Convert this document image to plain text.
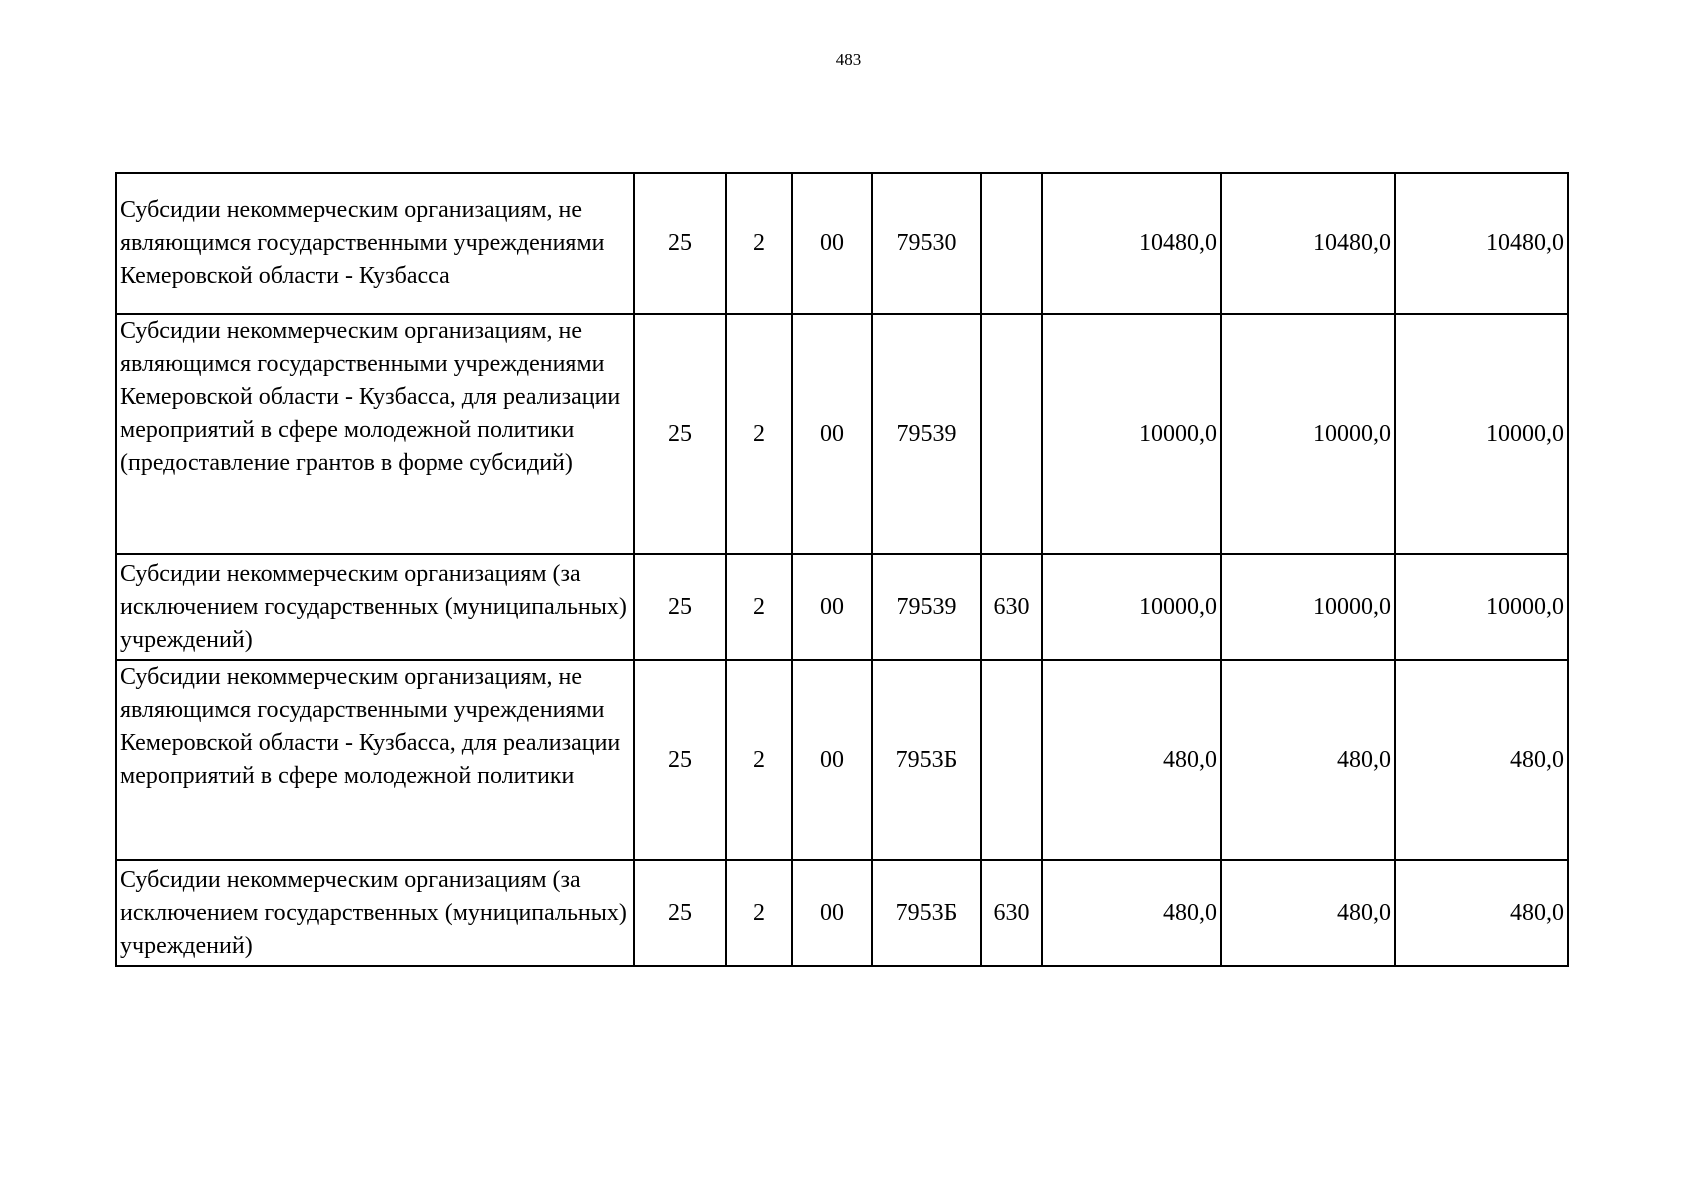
483
Субсидии некоммерческим организациям, не являющимся государственными учреждениями Кемеровской области - Кузбасса	25	2	00	79530		10480,0	10480,0	10480,0
Субсидии некоммерческим организациям, не являющимся государственными учреждениями Кемеровской области - Кузбасса, для реализации мероприятий в сфере молодежной политики (предоставление грантов в форме субсидий)	25	2	00	79539		10000,0	10000,0	10000,0
Субсидии некоммерческим организациям (за исключением государственных (муниципальных) учреждений)	25	2	00	79539	630	10000,0	10000,0	10000,0
Субсидии некоммерческим организациям, не являющимся государственными учреждениями Кемеровской области - Кузбасса, для реализации мероприятий в сфере молодежной политики	25	2	00	7953Б		480,0	480,0	480,0
Субсидии некоммерческим организациям (за исключением государственных (муниципальных) учреждений)	25	2	00	7953Б	630	480,0	480,0	480,0
